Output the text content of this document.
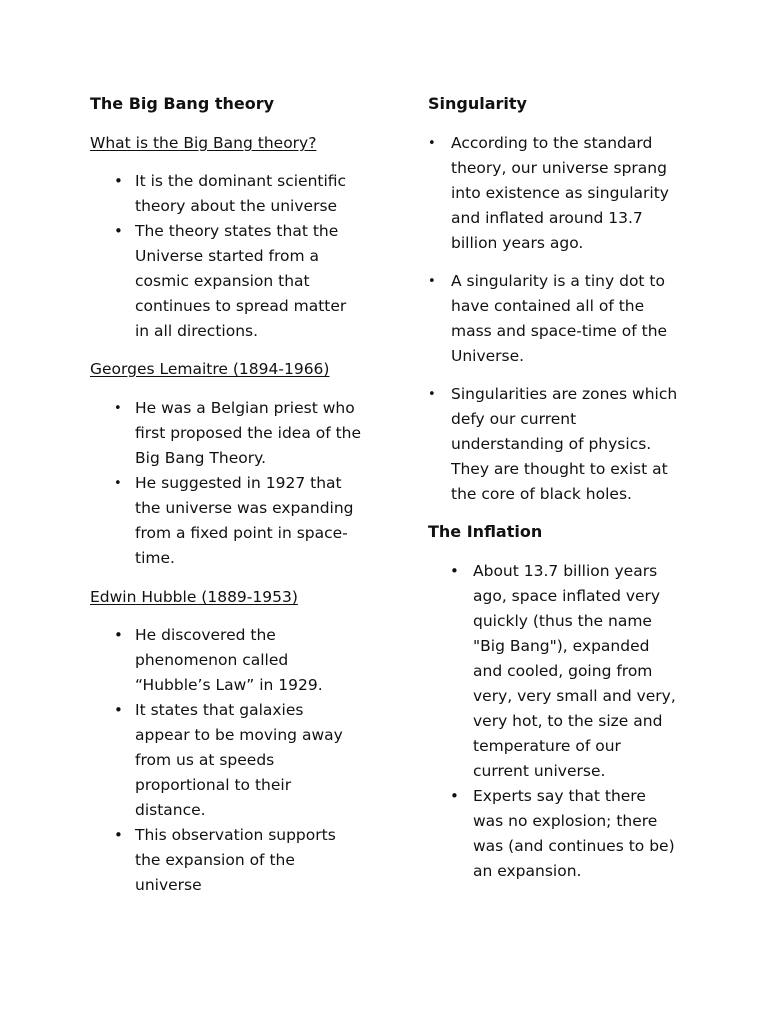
The Big Bang theory
What is the Big Bang theory?
• It is the dominant scientific
theory about the universe
• The theory states that the
Universe started from a
cosmic expansion that
continues to spread matter
in all directions.
Georges Lemaitre (1894-1966)
• He was a Belgian priest who
first proposed the idea of the
Big Bang Theory.
• He suggested in 1927 that
the universe was expanding
from a fixed point in space-
time.
Edwin Hubble (1889-1953)
• He discovered the
phenomenon called
“Hubble’s Law” in 1929.
• It states that galaxies
appear to be moving away
from us at speeds
proportional to their
distance.
• This observation supports
the expansion of the
universe
Singularity
• According to the standard
theory, our universe sprang
into existence as singularity
and inflated around 13.7
billion years ago.
• A singularity is a tiny dot to
have contained all of the
mass and space-time of the
Universe.
• Singularities are zones which
defy our current
understanding of physics.
They are thought to exist at
the core of black holes.
The Inflation
• About 13.7 billion years
ago, space inflated very
quickly (thus the name
"Big Bang"), expanded
and cooled, going from
very, very small and very,
very hot, to the size and
temperature of our
current universe.
• Experts say that there
was no explosion; there
was (and continues to be)
an expansion.
